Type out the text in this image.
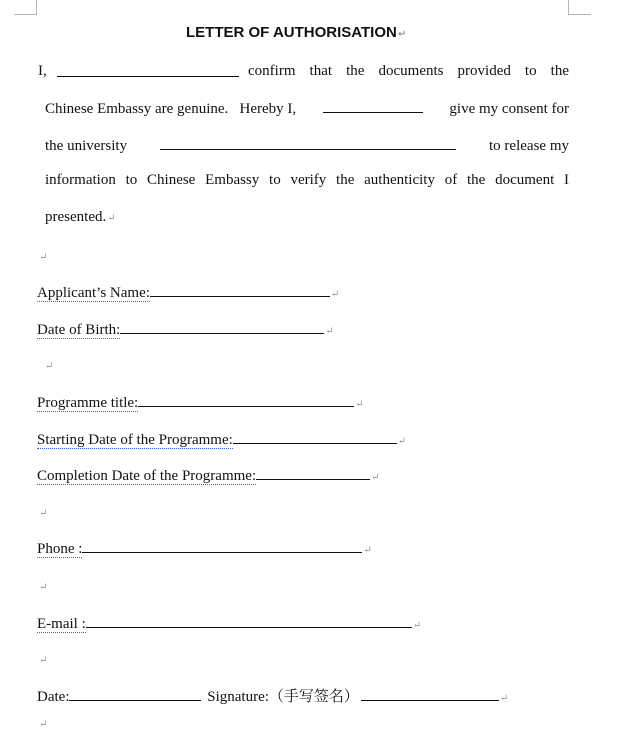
LETTER OF AUTHORISATION↵
I,	confirm that the documents provided to the
Chinese Embassy are genuine.   Hereby I,	give my consent for
the university	to release my
information to Chinese Embassy to verify the authenticity of the document I
presented.↵
↵
Applicant’s Name:	↵
Date of Birth:	↵
↵
Programme title:	↵
Starting Date of the Programme:	↵
Completion Date of the Programme:	↵
↵
Phone :	↵
↵
E-mail :	↵
↵
Date:	Signature:（手写签名）	↵
↵
